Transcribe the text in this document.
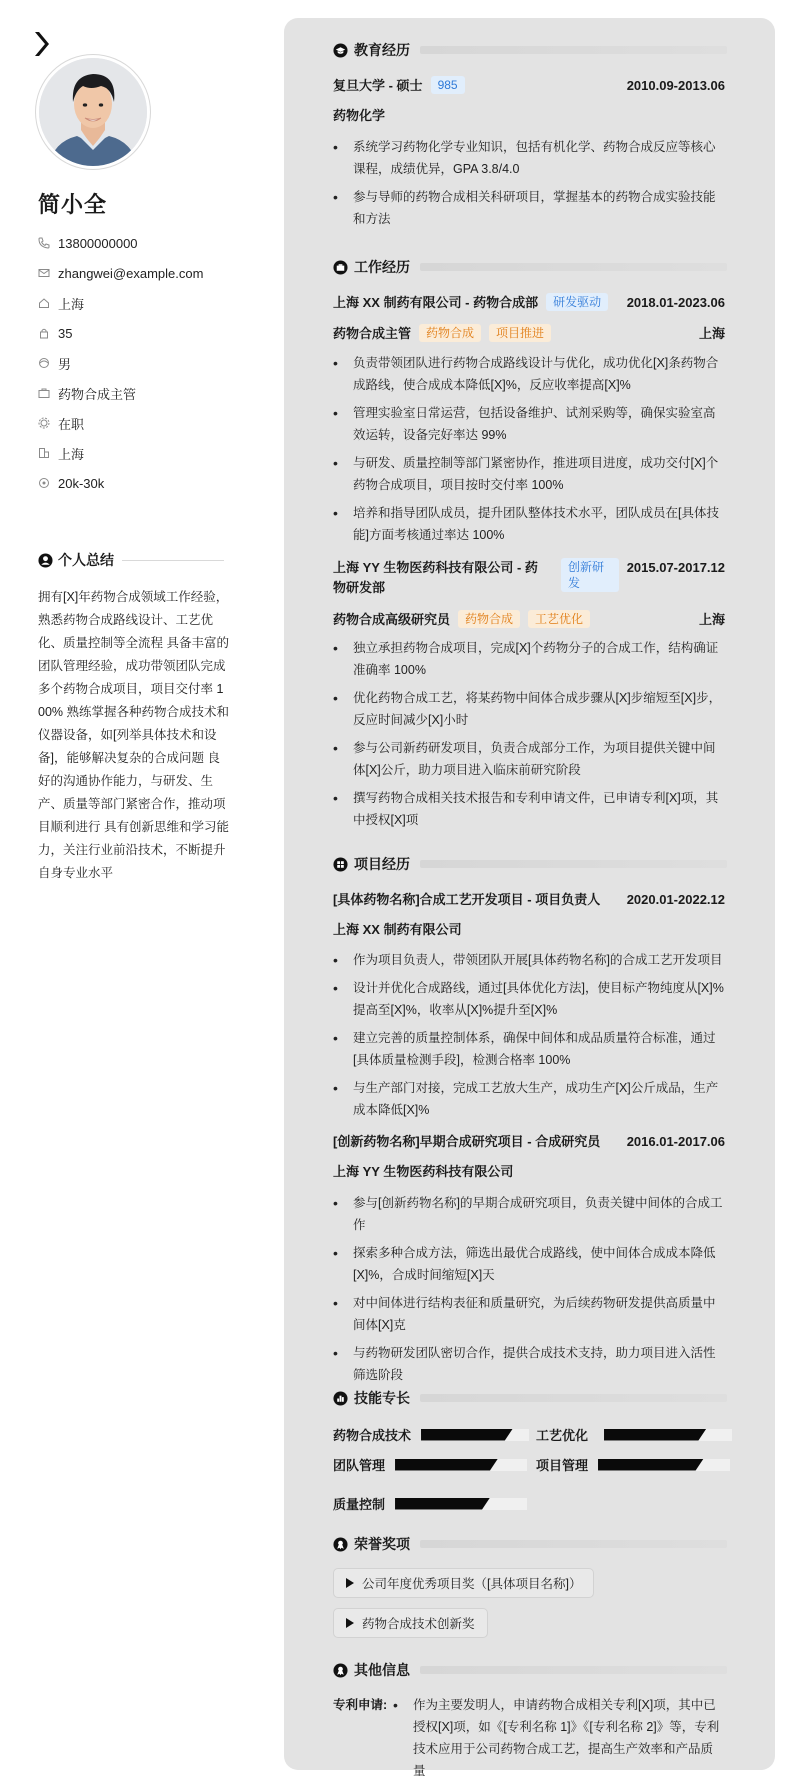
简小全
13800000000
zhangwei@example.com
上海
35
男
药物合成主管
在职
上海
20k-30k
个人总结
拥有[X]年药物合成领域工作经验，熟悉药物合成路线设计、工艺优化、质量控制等全流程 具备丰富的团队管理经验，成功带领团队完成多个药物合成项目，项目交付率 100% 熟练掌握各种药物合成技术和仪器设备，如[列举具体技术和设备]，能够解决复杂的合成问题 良好的沟通协作能力，与研发、生产、质量等部门紧密合作，推动项目顺利进行 具有创新思维和学习能力，关注行业前沿技术，不断提升自身专业水平
教育经历
复旦大学 - 硕士	985	2010.09-2013.06
药物化学
• 系统学习药物化学专业知识，包括有机化学、药物合成反应等核心课程，成绩优异，GPA 3.8/4.0
• 参与导师的药物合成相关科研项目，掌握基本的药物合成实验技能和方法
工作经历
上海 XX 制药有限公司 - 药物合成部	研发驱动	2018.01-2023.06
药物合成主管	药物合成	项目推进	上海
• 负责带领团队进行药物合成路线设计与优化，成功优化[X]条药物合成路线，使合成成本降低[X]%，反应收率提高[X]%
• 管理实验室日常运营，包括设备维护、试剂采购等，确保实验室高效运转，设备完好率达 99%
• 与研发、质量控制等部门紧密协作，推进项目进度，成功交付[X]个药物合成项目，项目按时交付率 100%
• 培养和指导团队成员，提升团队整体技术水平，团队成员在[具体技能]方面考核通过率达 100%
上海 YY 生物医药科技有限公司 - 药物研发部
创新研发
2015.07-2017.12
药物合成高级研究员	药物合成	工艺优化	上海
• 独立承担药物合成项目，完成[X]个药物分子的合成工作，结构确证准确率 100%
• 优化药物合成工艺，将某药物中间体合成步骤从[X]步缩短至[X]步，反应时间减少[X]小时
• 参与公司新药研发项目，负责合成部分工作，为项目提供关键中间体[X]公斤，助力项目进入临床前研究阶段
• 撰写药物合成相关技术报告和专利申请文件，已申请专利[X]项，其中授权[X]项
项目经历
[具体药物名称]合成工艺开发项目 - 项目负责人 2020.01-2022.12
上海 XX 制药有限公司
• 作为项目负责人，带领团队开展[具体药物名称]的合成工艺开发项目
• 设计并优化合成路线，通过[具体优化方法]，使目标产物纯度从[X]%提高至[X]%，收率从[X]%提升至[X]%
• 建立完善的质量控制体系，确保中间体和成品质量符合标准，通过[具体质量检测手段]，检测合格率 100%
• 与生产部门对接，完成工艺放大生产，成功生产[X]公斤成品，生产成本降低[X]%
[创新药物名称]早期合成研究项目 - 合成研究员 2016.01-2017.06
上海 YY 生物医药科技有限公司
• 参与[创新药物名称]的早期合成研究项目，负责关键中间体的合成工作
• 探索多种合成方法，筛选出最优合成路线，使中间体合成成本降低[X]%，合成时间缩短[X]天
• 对中间体进行结构表征和质量研究，为后续药物研发提供高质量中间体[X]克
• 与药物研发团队密切合作，提供合成技术支持，助力项目进入活性筛选阶段
技能专长
药物合成技术	工艺优化
团队管理	项目管理
质量控制
荣誉奖项
公司年度优秀项目奖（[具体项目名称]）
药物合成技术创新奖
其他信息
专利申请:
•	作为主要发明人，申请药物合成相关专利[X]项，其中已授权[X]项，如《[专利名称 1]》《[专利名称 2]》等，专利技术应用于公司药物合成工艺，提高生产效率和产品质量
